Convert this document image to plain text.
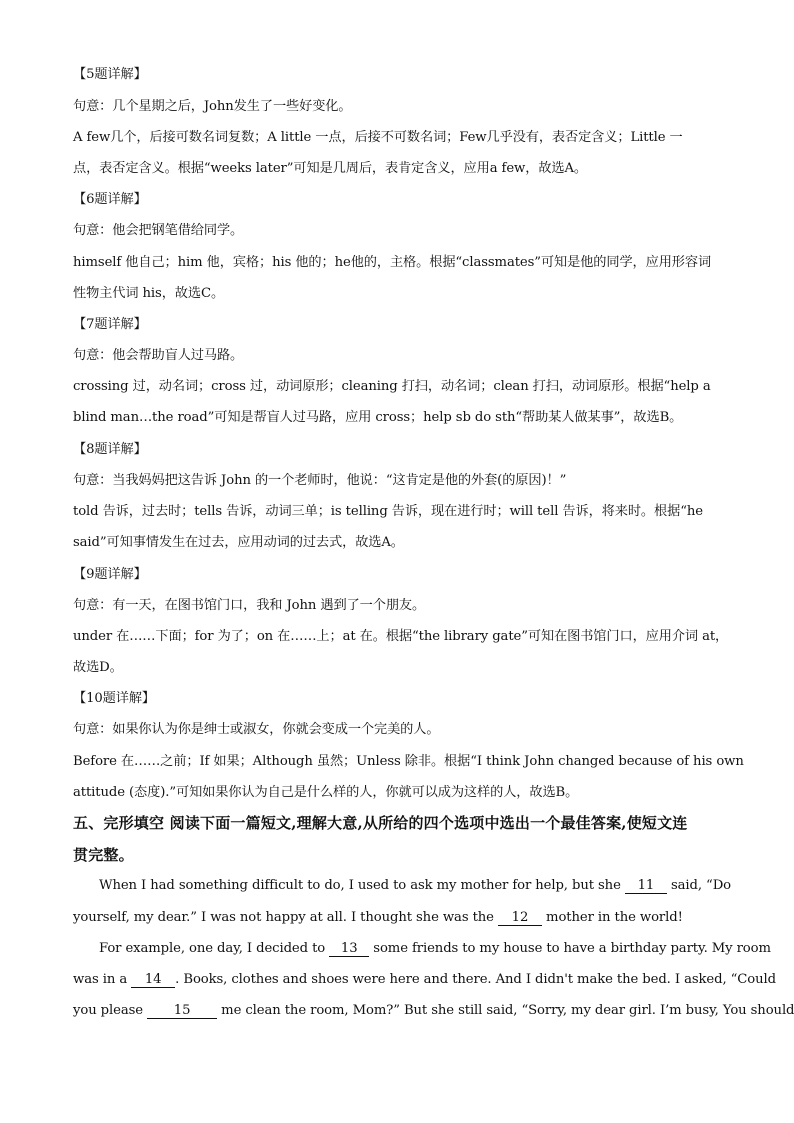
【5题详解】
句意：几个星期之后，John发生了一些好变化。
A few几个，后接可数名词复数；A little 一点，后接不可数名词；Few几乎没有，表否定含义；Little 一
点，表否定含义。根据“weeks later”可知是几周后，表肯定含义，应用a few，故选A。
【6题详解】
句意：他会把钢笔借给同学。
himself 他自己；him 他，宾格；his 他的；he他的，主格。根据“classmates”可知是他的同学，应用形容词
性物主代词 his，故选C。
【7题详解】
句意：他会帮助盲人过马路。
crossing 过，动名词；cross 过，动词原形；cleaning 打扫，动名词；clean 打扫，动词原形。根据“help a
blind man…the road”可知是帮盲人过马路，应用 cross；help sb do sth“帮助某人做某事”，故选B。
【8题详解】
句意：当我妈妈把这告诉 John 的一个老师时，他说：“这肯定是他的外套(的原因)！”
told 告诉，过去时；tells 告诉，动词三单；is telling 告诉，现在进行时；will tell 告诉，将来时。根据“he
said”可知事情发生在过去，应用动词的过去式，故选A。
【9题详解】
句意：有一天，在图书馆门口，我和 John 遇到了一个朋友。
under 在……下面；for 为了；on 在……上；at 在。根据“the library gate”可知在图书馆门口，应用介词 at，
故选D。
【10题详解】
句意：如果你认为你是绅士或淑女，你就会变成一个完美的人。
Before 在……之前；If 如果；Although 虽然；Unless 除非。根据“I think John changed because of his own
attitude (态度).”可知如果你认为自己是什么样的人，你就可以成为这样的人，故选B。
五、完形填空 阅读下面一篇短文,理解大意,从所给的四个选项中选出一个最佳答案,使短文连
贯完整。
When I had something difficult to do, I used to ask my mother for help, but she 11 said, “Do
yourself, my dear.” I was not happy at all. I thought she was the 12 mother in the world!
For example, one day, I decided to 13 some friends to my house to have a birthday party. My room
was in a 14 . Books, clothes and shoes were here and there. And I didn't make the bed. I asked, “Could
you please 15 me clean the room, Mom?” But she still said, “Sorry, my dear girl. I’m busy, You should
